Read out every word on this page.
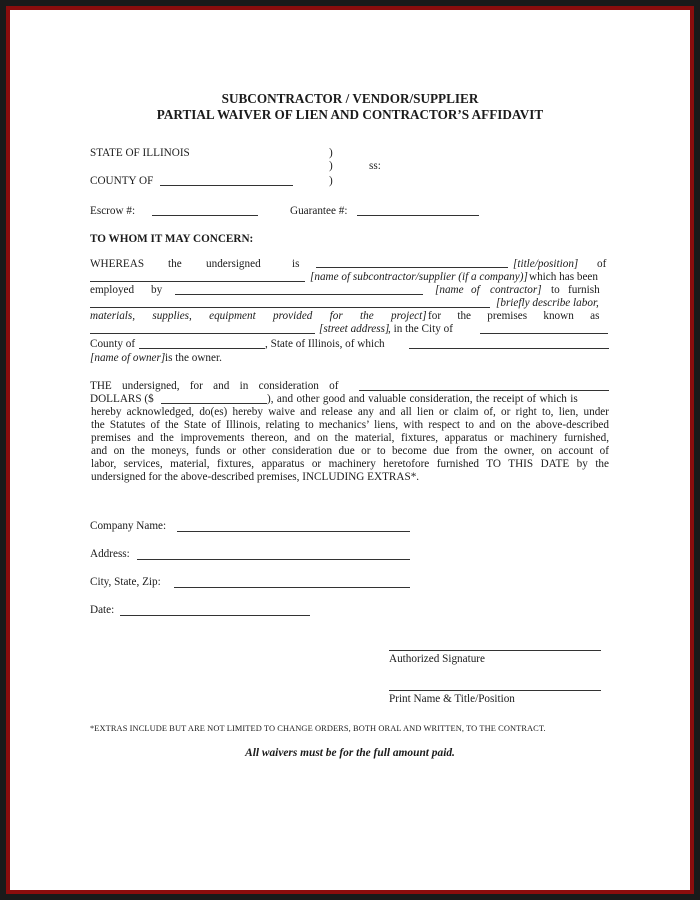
SUBCONTRACTOR / VENDOR/SUPPLIER
PARTIAL WAIVER OF LIEN AND CONTRACTOR’S AFFIDAVIT
STATE OF ILLINOIS	)
)	ss:
)
COUNTY OF
Escrow #:	Guarantee #:
TO WHOM IT MAY CONCERN:
WHEREAS the undersigned	is	[title/position] of
[name of subcontractor/supplier (if a company)] which has been
employed by	[name of contractor] to furnish
[briefly describe labor,
materials, supplies, equipment provided for the project] for the premises known as
[street address]
, in the City of
County of	, State of Illinois, of which
[name of owner] is the owner.
THE undersigned, for and in consideration of
DOLLARS ($	), and other good and valuable consideration, the receipt of which is
hereby acknowledged, do(es) hereby waive and release any and all lien or claim of, or right to, lien, under
the Statutes of the State of Illinois, relating to mechanics’ liens, with respect to and on the above-described
premises and the improvements thereon, and on the material, fixtures, apparatus or machinery furnished,
and on the moneys, funds or other consideration due or to become due from the owner, on account of
labor, services, material, fixtures, apparatus or machinery heretofore furnished TO THIS DATE by the
undersigned for the above-described premises, INCLUDING EXTRAS*.
Company Name:
Address:
City, State, Zip:
Date:
Authorized Signature
Print Name & Title/Position
*EXTRAS INCLUDE BUT ARE NOT LIMITED TO CHANGE ORDERS, BOTH ORAL AND WRITTEN, TO THE CONTRACT.
All waivers must be for the full amount paid.
